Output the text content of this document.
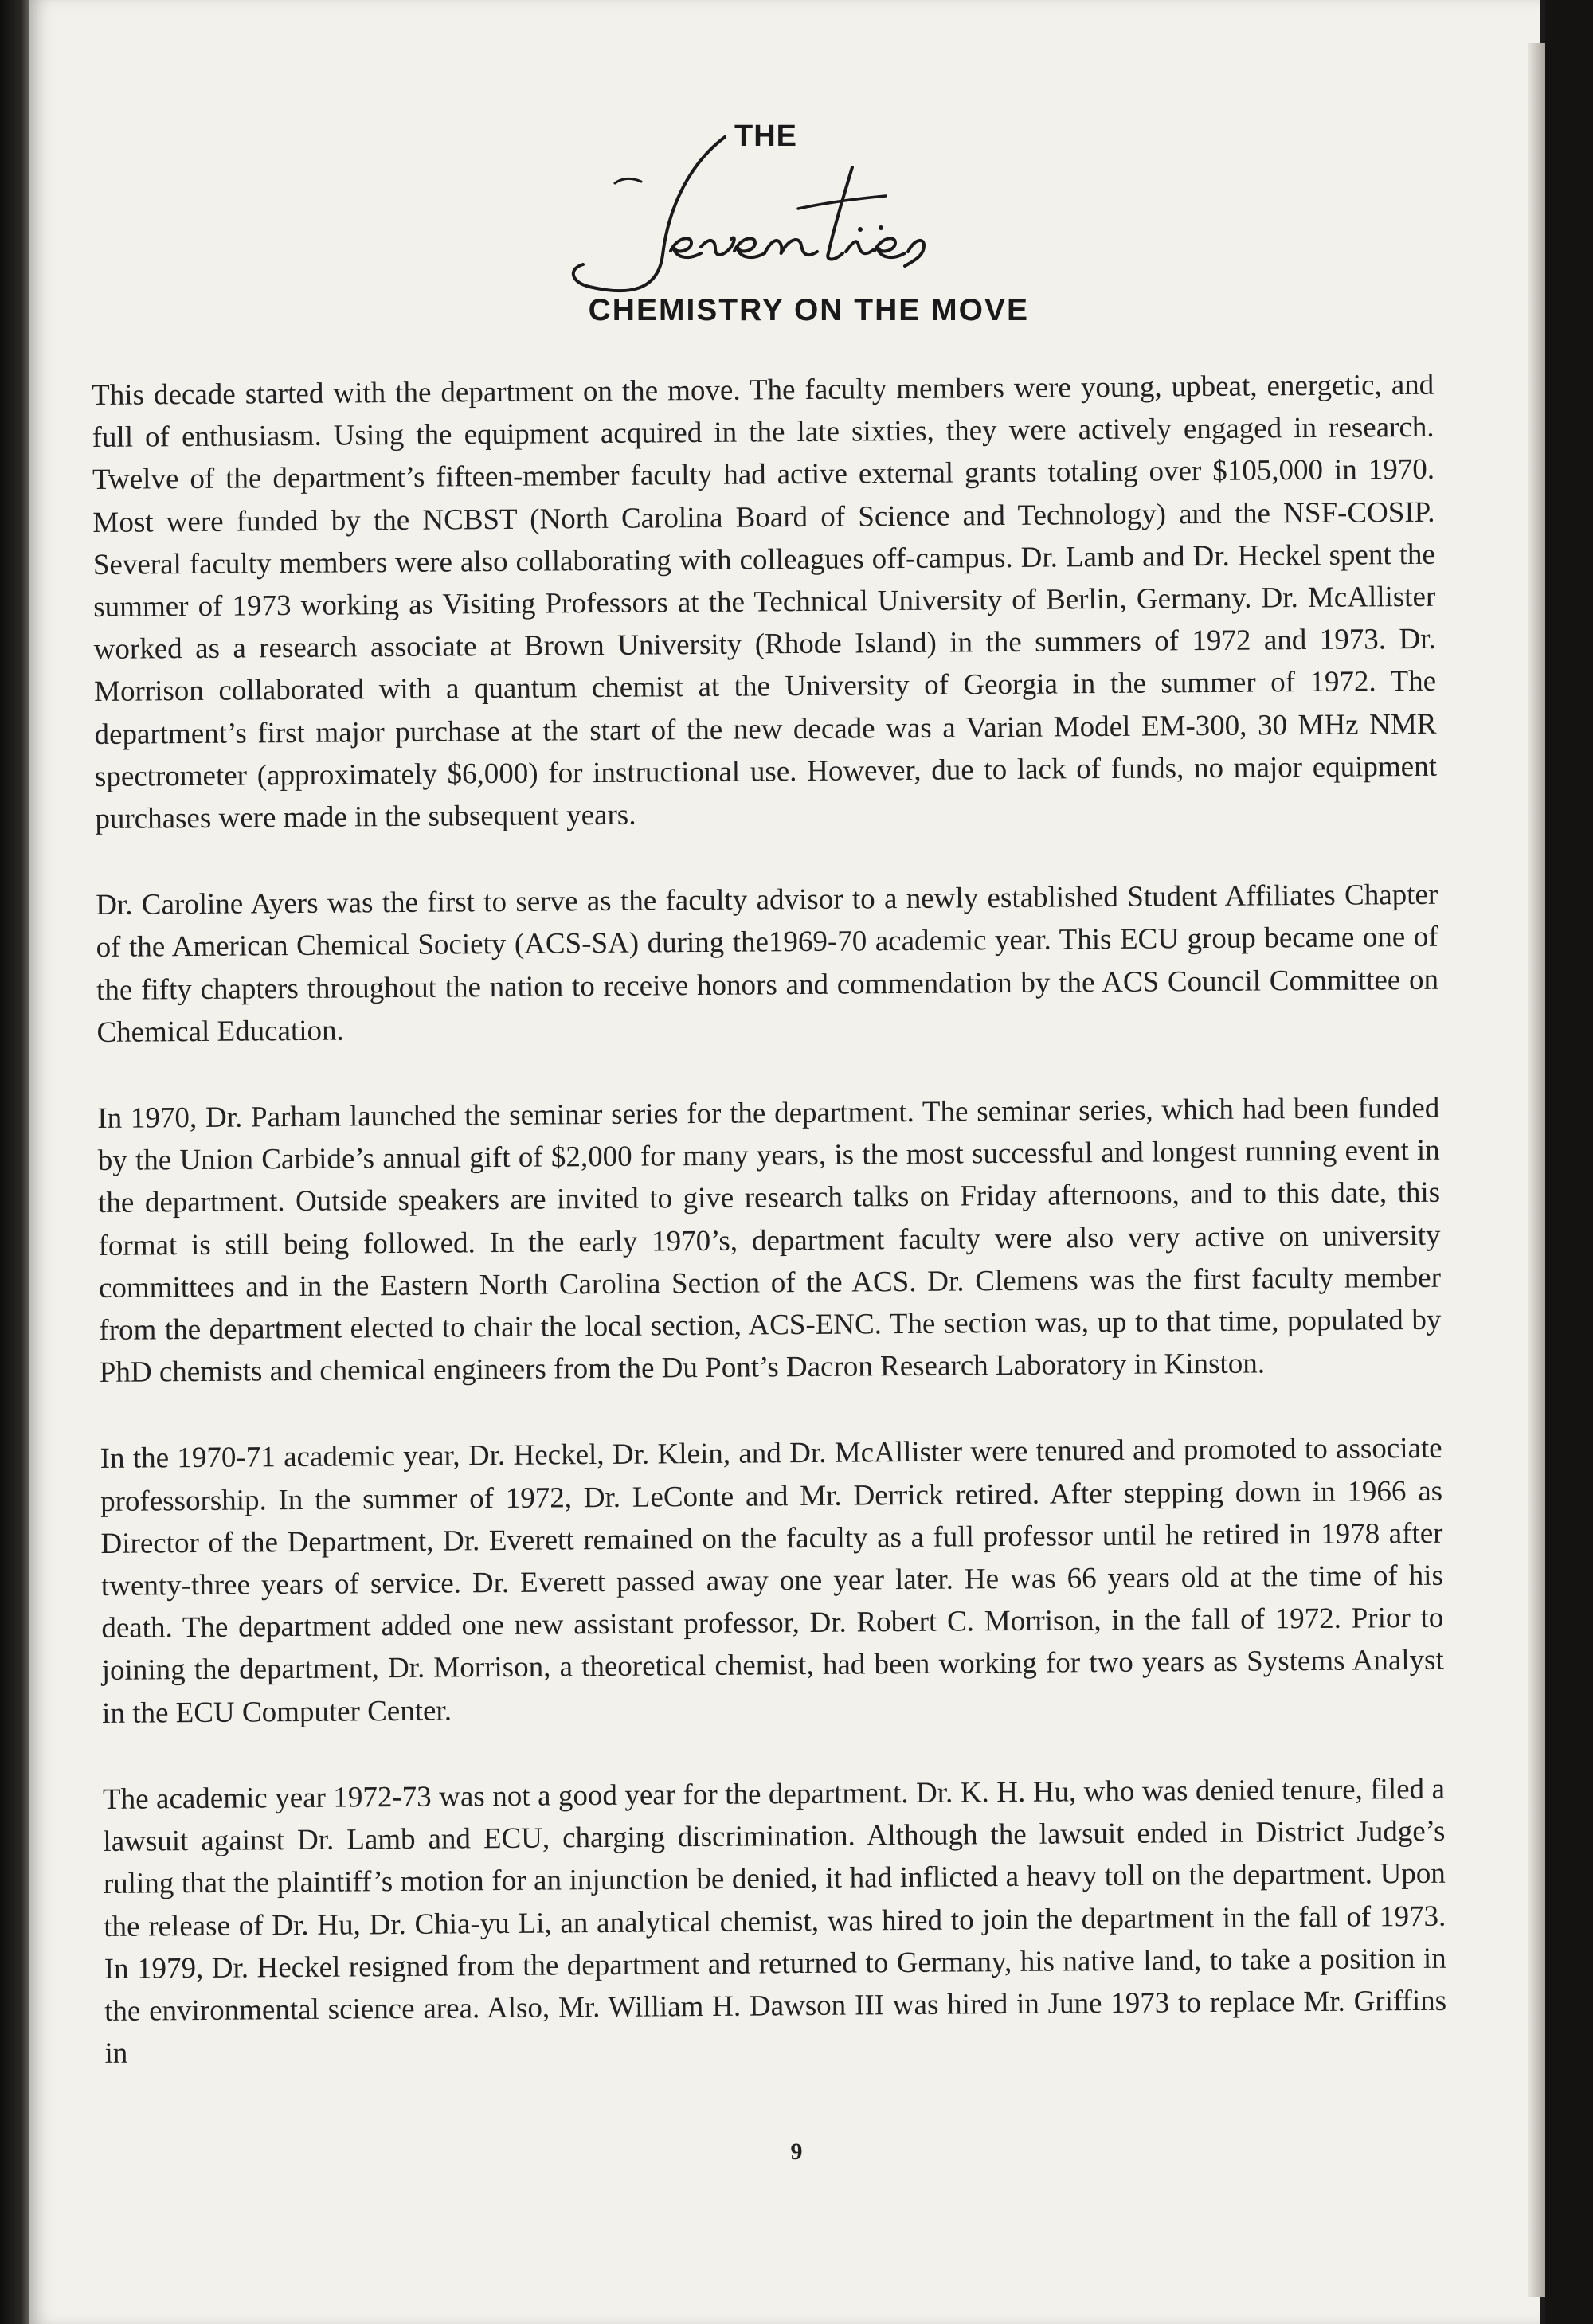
THE
CHEMISTRY ON THE MOVE

This decade started with the department on the move. The faculty members were young, upbeat, energetic, and full of enthusiasm. Using the equipment acquired in the late sixties, they were actively engaged in research. Twelve of the department’s fifteen-member faculty had active external grants totaling over $105,000 in 1970. Most were funded by the NCBST (North Carolina Board of Science and Technology) and the NSF-COSIP. Several faculty members were also collaborating with colleagues off-campus. Dr. Lamb and Dr. Heckel spent the summer of 1973 working as Visiting Professors at the Technical University of Berlin, Germany. Dr. McAllister worked as a research associate at Brown University (Rhode Island) in the summers of 1972 and 1973. Dr. Morrison collaborated with a quantum chemist at the University of Georgia in the summer of 1972. The department’s first major purchase at the start of the new decade was a Varian Model EM-300, 30 MHz NMR spectrometer (approximately $6,000) for instructional use. However, due to lack of funds, no major equipment purchases were made in the subsequent years.

Dr. Caroline Ayers was the first to serve as the faculty advisor to a newly established Student Affiliates Chapter of the American Chemical Society (ACS-SA) during the1969-70 academic year. This ECU group became one of the fifty chapters throughout the nation to receive honors and commendation by the ACS Council Committee on Chemical Education.

In 1970, Dr. Parham launched the seminar series for the department. The seminar series, which had been funded by the Union Carbide’s annual gift of $2,000 for many years, is the most successful and longest running event in the department. Outside speakers are invited to give research talks on Friday afternoons, and to this date, this format is still being followed. In the early 1970’s, department faculty were also very active on university committees and in the Eastern North Carolina Section of the ACS. Dr. Clemens was the first faculty member from the department elected to chair the local section, ACS-ENC. The section was, up to that time, populated by PhD chemists and chemical engineers from the Du Pont’s Dacron Research Laboratory in Kinston.

In the 1970-71 academic year, Dr. Heckel, Dr. Klein, and Dr. McAllister were tenured and promoted to associate professorship. In the summer of 1972, Dr. LeConte and Mr. Derrick retired. After stepping down in 1966 as Director of the Department, Dr. Everett remained on the faculty as a full professor until he retired in 1978 after twenty-three years of service. Dr. Everett passed away one year later. He was 66 years old at the time of his death. The department added one new assistant professor, Dr. Robert C. Morrison, in the fall of 1972. Prior to joining the department, Dr. Morrison, a theoretical chemist, had been working for two years as Systems Analyst in the ECU Computer Center.

The academic year 1972-73 was not a good year for the department. Dr. K. H. Hu, who was denied tenure, filed a lawsuit against Dr. Lamb and ECU, charging discrimination. Although the lawsuit ended in District Judge’s ruling that the plaintiff’s motion for an injunction be denied, it had inflicted a heavy toll on the department. Upon the release of Dr. Hu, Dr. Chia-yu Li, an analytical chemist, was hired to join the department in the fall of 1973. In 1979, Dr. Heckel resigned from the department and returned to Germany, his native land, to take a position in the environmental science area. Also, Mr. William H. Dawson III was hired in June 1973 to replace Mr. Griffins in

9
